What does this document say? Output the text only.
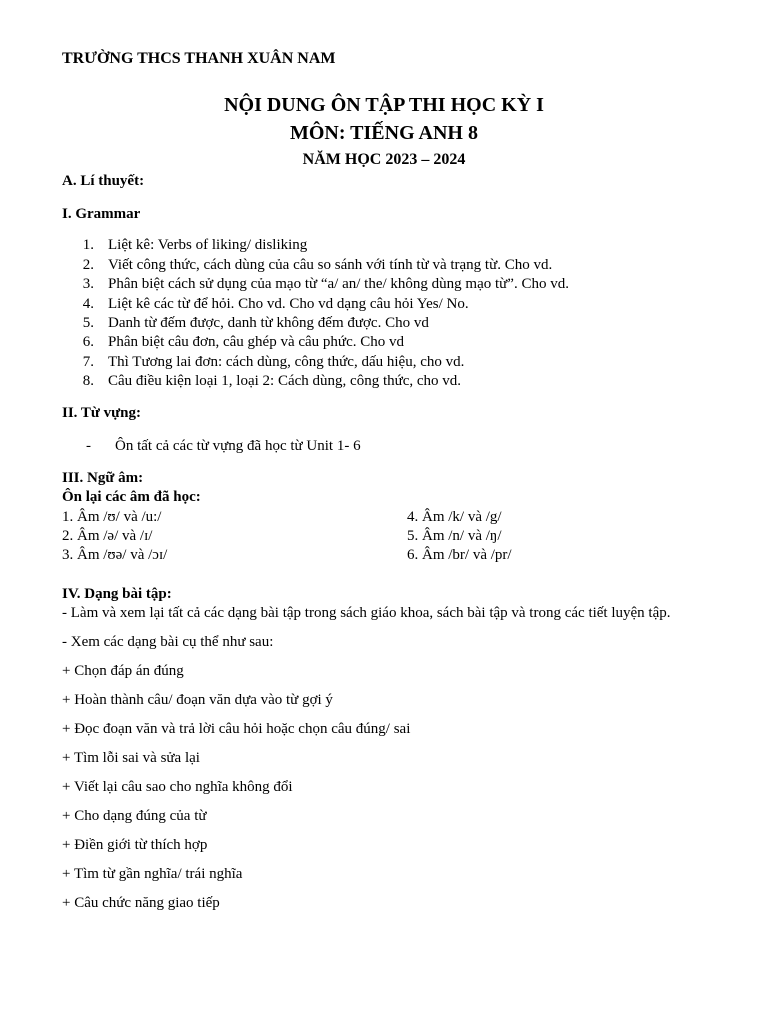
TRƯỜNG THCS THANH XUÂN NAM
NỘI DUNG ÔN TẬP THI HỌC KỲ I
MÔN: TIẾNG ANH 8
NĂM HỌC 2023 – 2024
A. Lí thuyết:
I. Grammar
1. Liệt kê: Verbs of liking/ disliking
2. Viết công thức, cách dùng của câu so sánh với tính từ và trạng từ. Cho vd.
3. Phân biệt cách sử dụng của mạo từ “a/ an/ the/ không dùng mạo từ”. Cho vd.
4. Liệt kê các từ để hỏi. Cho vd. Cho vd dạng câu hỏi Yes/ No.
5. Danh từ đếm được, danh từ không đếm được. Cho vd
6. Phân biệt câu đơn, câu ghép và câu phức. Cho vd
7. Thì Tương lai đơn: cách dùng, công thức, dấu hiệu, cho vd.
8. Câu điều kiện loại 1, loại 2: Cách dùng, công thức, cho vd.
II. Từ vựng:
- Ôn tất cả các từ vựng đã học từ Unit 1- 6
III. Ngữ âm:
Ôn lại các âm đã học:
1. Âm /ʊ/ và /u:/
2. Âm /ə/ và /ɪ/
3. Âm /ʊə/ và /ɔɪ/
4. Âm /k/ và /g/
5. Âm /n/ và /ŋ/
6. Âm /br/ và /pr/
IV. Dạng bài tập:
- Làm và xem lại tất cả các dạng bài tập trong sách giáo khoa, sách bài tập và trong các tiết luyện tập.
- Xem các dạng bài cụ thể như sau:
+ Chọn đáp án đúng
+ Hoàn thành câu/ đoạn văn dựa vào từ gợi ý
+ Đọc đoạn văn và trả lời câu hỏi hoặc chọn câu đúng/ sai
+ Tìm lỗi sai và sửa lại
+ Viết lại câu sao cho nghĩa không đổi
+ Cho dạng đúng của từ
+ Điền giới từ thích hợp
+ Tìm từ gần nghĩa/ trái nghĩa
+ Câu chức năng giao tiếp
